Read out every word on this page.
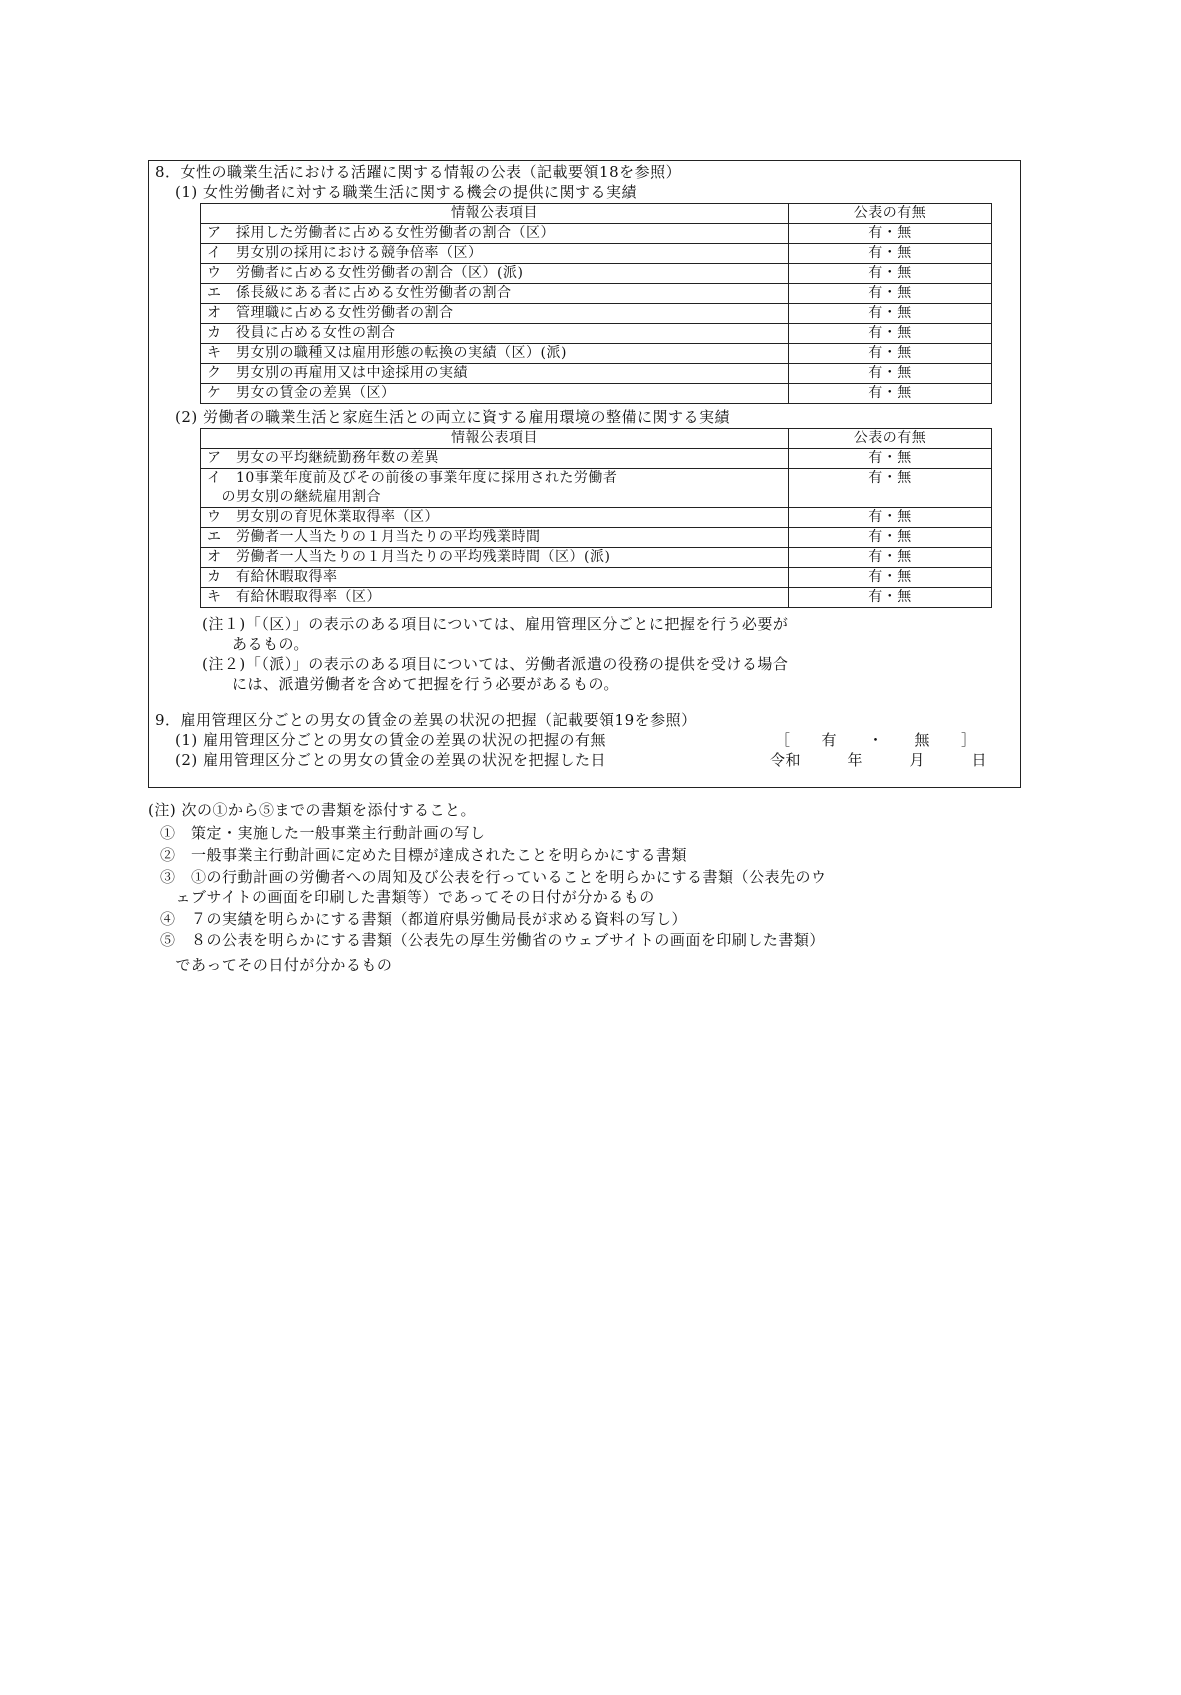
8．女性の職業生活における活躍に関する情報の公表（記載要領18を参照）
(1) 女性労働者に対する職業生活に関する機会の提供に関する実績
情報公表項目	公表の有無
ア　採用した労働者に占める女性労働者の割合（区）	有・無
イ　男女別の採用における競争倍率（区）	有・無
ウ　労働者に占める女性労働者の割合（区）(派)	有・無
エ　係長級にある者に占める女性労働者の割合	有・無
オ　管理職に占める女性労働者の割合	有・無
カ　役員に占める女性の割合	有・無
キ　男女別の職種又は雇用形態の転換の実績（区）(派)	有・無
ク　男女別の再雇用又は中途採用の実績	有・無
ケ　男女の賃金の差異（区）	有・無
(2) 労働者の職業生活と家庭生活との両立に資する雇用環境の整備に関する実績
情報公表項目	公表の有無
ア　男女の平均継続勤務年数の差異	有・無

イ　10事業年度前及びその前後の事業年度に採用された労働者
　の男女別の継続雇用割合	有・無
ウ　男女別の育児休業取得率（区）	有・無
エ　労働者一人当たりの１月当たりの平均残業時間	有・無
オ　労働者一人当たりの１月当たりの平均残業時間（区）(派)	有・無
カ　有給休暇取得率	有・無
キ　有給休暇取得率（区）	有・無
(注１)「（区）」の表示のある項目については、雇用管理区分ごとに把握を行う必要が
あるもの。
(注２)「（派）」の表示のある項目については、労働者派遣の役務の提供を受ける場合
には、派遣労働者を含めて把握を行う必要があるもの。
9．雇用管理区分ごとの男女の賃金の差異の状況の把握（記載要領19を参照）
(1) 雇用管理区分ごとの男女の賃金の差異の状況の把握の有無	［　　有　　・　　無　　］
(2) 雇用管理区分ごとの男女の賃金の差異の状況を把握した日	令和　　　年　　　月　　　日
(注) 次の①から⑤までの書類を添付すること。
①　策定・実施した一般事業主行動計画の写し
②　一般事業主行動計画に定めた目標が達成されたことを明らかにする書類
③　①の行動計画の労働者への周知及び公表を行っていることを明らかにする書類（公表先のウ
　ェブサイトの画面を印刷した書類等）であってその日付が分かるもの
④　７の実績を明らかにする書類（都道府県労働局長が求める資料の写し）
⑤　８の公表を明らかにする書類（公表先の厚生労働省のウェブサイトの画面を印刷した書類）
　であってその日付が分かるもの
